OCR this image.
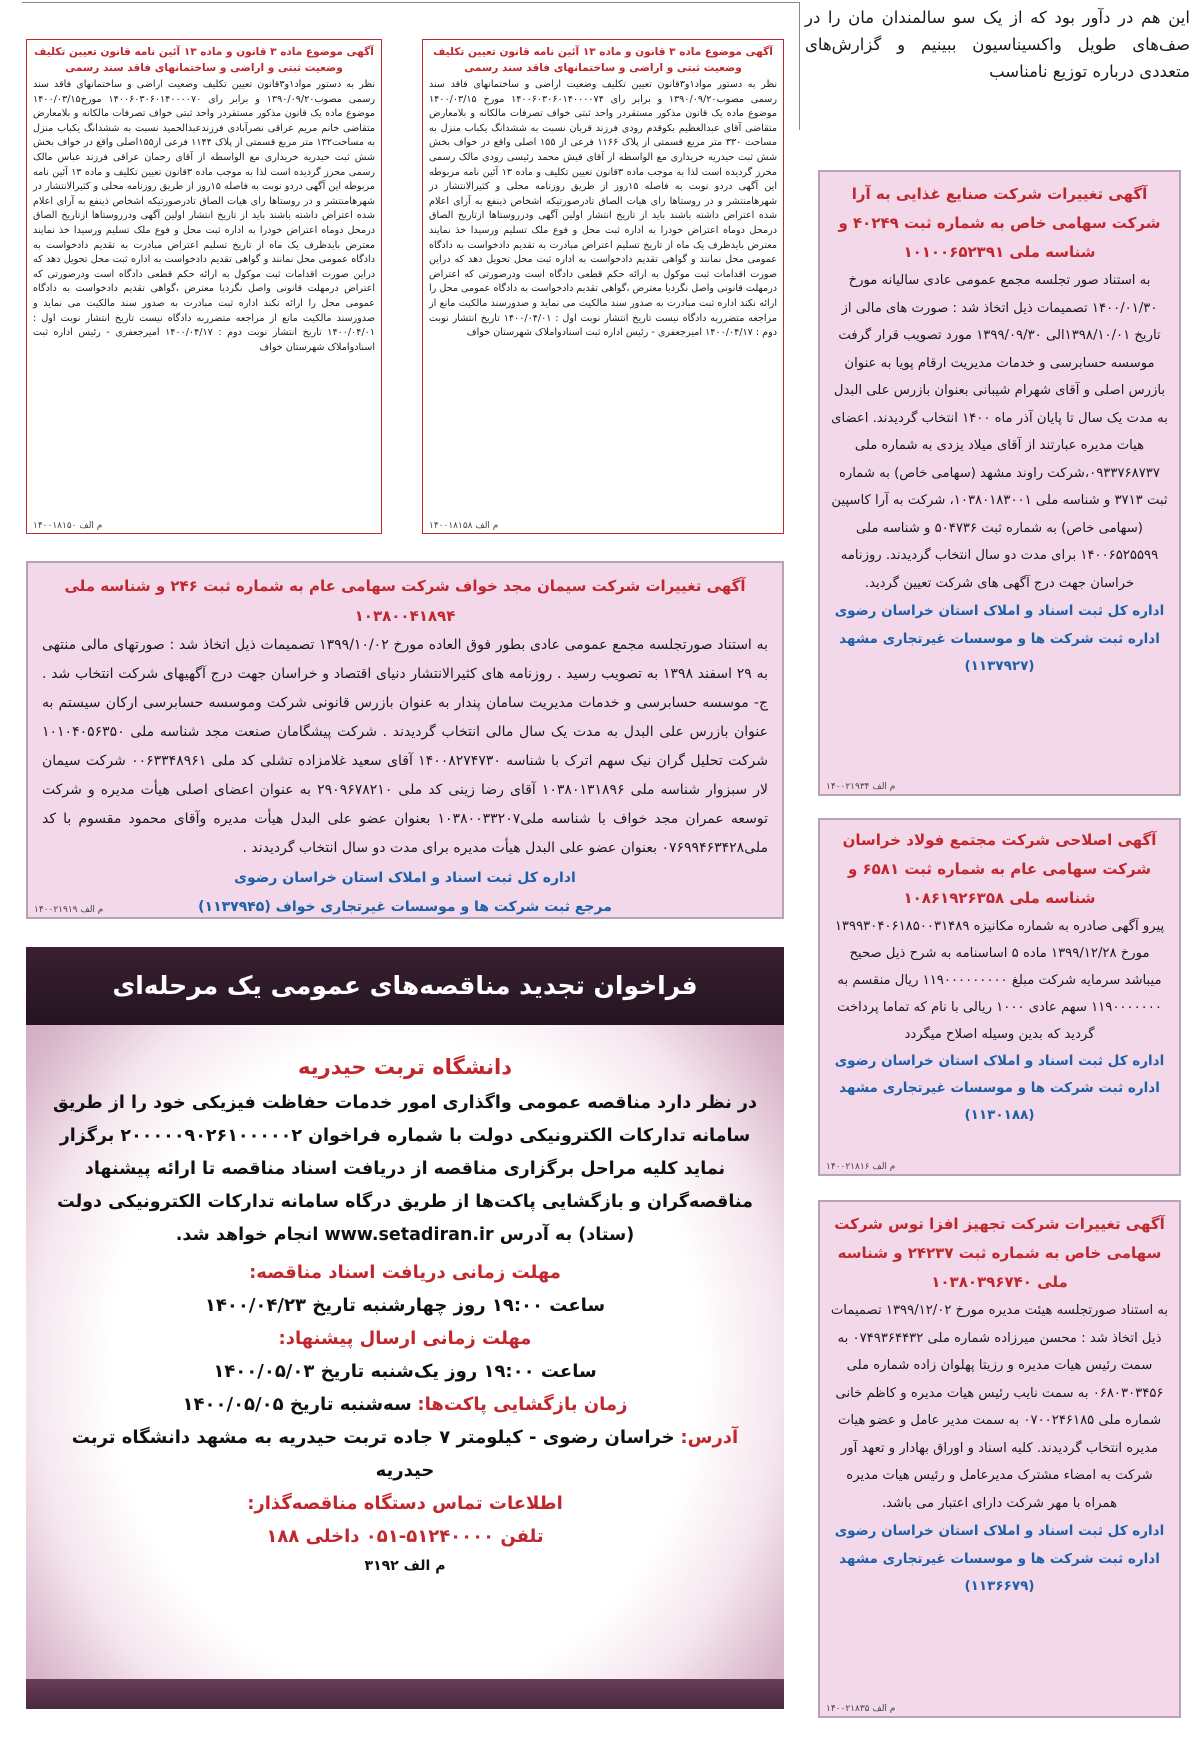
این هم در دآور بود که از یک سو سالمندان مان را در صف‌های طویل واکسیناسیون ببینیم و گزارش‌های متعددی درباره توزیع نامناسب
آگهی موضوع ماده ۳ قانون و ماده ۱۳ آئین نامه قانون تعیین تکلیف وضعیت ثبتی و اراضی و ساختمانهای فاقد سند رسمی
نظر به دستور مواد۱و۳قانون تعیین تکلیف وضعیت اراضی و ساختمانهای فاقد سند رسمی مصوب۱۳۹۰/۰۹/۲۰ و برابر رای ۱۴۰۰۶۰۳۰۶۰۱۴۰۰۰۰۷۴ مورخ ۱۴۰۰/۰۳/۱۵ موضوع ماده یک قانون مذکور مستقردر واحد ثبتی خواف تصرفات مالکانه و بلامعارض متقاضی آقای عبدالعظیم بکوقدم رودی فرزند قربان نسبت به ششدانگ یکباب منزل به مساحت ۳۳۰ متر مربع قسمتی از پلاک ۱۱۶۶ فرعی از ۱۵۵ اصلی واقع در خواف بخش شش ثبت حیدریه خریداری مع الواسطه از آقای قیش محمد رئیسی رودی مالک رسمی محرز گردیده است لذا به موجب ماده ۳قانون تعیین تکلیف و ماده ۱۳ آئین نامه مربوطه این آگهی دردو نوبت به فاصله ۱۵روز از طریق روزنامه محلی و کثیرالانتشار در شهرهامنتشر و در روستاها رای هیات الصاق تادرصورتیکه اشخاص ذینفع به آرای اعلام شده اعتراض داشته باشند باید از تاریخ انتشار اولین آگهی ودرروستاها ازتاریخ الصاق درمحل دوماه اعتراض خودرا به اداره ثبت محل و فوع ملک تسلیم ورسیدا خذ نمایند معترض بایدظرف یک ماه از تاریخ تسلیم اعتراض مبادرت به تقدیم دادخواست به دادگاه عمومی محل نمانند و گواهی تقدیم دادخواست به اداره ثبت محل تحویل دهد که دراین صورت اقدامات ثبت موکول به ارائه حکم قطعی دادگاه است ودرصورتی که اعتراض درمهلت قانونی واصل نگردیا معترض ،گواهی تقدیم دادخواست به دادگاه عمومی محل را ارائه نکند اداره ثبت مبادرت به صدور سند مالکیت می نماید و صدورسند مالکیت مانع از مراجعه متضرربه دادگاه نیست تاریخ انتشار نوبت اول : ۱۴۰۰/۰۴/۰۱ تاریخ انتشار نوبت دوم : ۱۴۰۰/۰۴/۱۷ امیرجعفری - رئیس اداره ثبت اسنادواملاک شهرستان خواف
م الف ۱۴۰۰۱۸۱۵۸
آگهی موضوع ماده ۳ قانون و ماده ۱۳ آئین نامه قانون تعیین تکلیف وضعیت ثبتی و اراضی و ساختمانهای فاقد سند رسمی
نظر به دستور مواد۱و۳قانون تعیین تکلیف وضعیت اراضی و ساختمانهای فاقد سند رسمی مصوب۱۳۹۰/۰۹/۲۰ و برابر رای ۱۴۰۰۶۰۳۰۶۰۱۴۰۰۰۰۷۰ مورخ۱۴۰۰/۰۳/۱۵ موضوع ماده یک قانون مذکور مستقردر واحد ثبتی خواف تصرفات مالکانه و بلامعارض متقاضی خانم مریم عراقی نصرآبادی فرزندعبدالحمید نسبت به ششدانگ یکباب منزل به مساحت۱۳۲ متر مربع قسمتی از پلاک ۱۱۴۴ فرعی از۱۵۵اصلی واقع در خواف بخش شش ثبت حیدریه خریداری مع الواسطه از آقای رحمان عراقی فرزند عباس مالک رسمی محرز گردیده است لذا به موجب ماده ۳قانون تعیین تکلیف و ماده ۱۳ آئین نامه مربوطه این آگهی دردو نوبت به فاصله ۱۵روز از طریق روزنامه محلی و کثیرالانتشار در شهرهامنتشر و در روستاها رای هیات الصاق تادرصورتیکه اشخاص ذینفع به آرای اعلام شده اعتراض داشته باشند باید از تاریخ انتشار اولین آگهی ودرروستاها ازتاریخ الصاق درمحل دوماه اعتراض خودرا به اداره ثبت محل و فوع ملک تسلیم ورسیدا خذ نمایند معترض بایدظرف یک ماه از تاریخ تسلیم اعتراض مبادرت به تقدیم دادخواست به دادگاه عمومی محل نمانند و گواهی تقدیم دادخواست به اداره ثبت محل تحویل دهد که دراین صورت اقدامات ثبت موکول به ارائه حکم قطعی دادگاه است ودرصورتی که اعتراض درمهلت قانونی واصل نگردیا معترض ،گواهی تقدیم دادخواست به دادگاه عمومی محل را ارائه نکند اداره ثبت مبادرت به صدور سند مالکیت می نماید و صدورسند مالکیت مانع از مراجعه متضرربه دادگاه نیست تاریخ انتشار نوبت اول : ۱۴۰۰/۰۴/۰۱ تاریخ انتشار نوبت دوم : ۱۴۰۰/۰۴/۱۷ امیرجعفری - رئیس اداره ثبت اسنادواملاک شهرستان خواف
م الف ۱۴۰۰۱۸۱۵۰
آگهی تغییرات شرکت صنایع غذایی به آرا شرکت سهامی خاص به شماره ثبت ۴۰۲۴۹ و شناسه ملی ۱۰۱۰۰۶۵۲۳۹۱
به استناد صور تجلسه مجمع عمومی عادی سالیانه مورخ ۱۴۰۰/۰۱/۳۰ تصمیمات ذیل اتخاذ شد : صورت های مالی از تاریخ ۱۳۹۸/۱۰/۰۱الی ۱۳۹۹/۰۹/۳۰ مورد تصویب قرار گرفت موسسه حسابرسی و خدمات مدیریت ارقام پویا به عنوان بازرس اصلی و آقای شهرام شیبانی بعنوان بازرس علی البدل به مدت یک سال تا پایان آذر ماه ۱۴۰۰ انتخاب گردیدند. اعضای هیات مدیره عبارتند از آقای میلاد یزدی به شماره ملی ۰۹۳۳۷۶۸۷۳۷،شرکت راوند مشهد (سهامی خاص) به شماره ثبت ۳۷۱۳ و شناسه ملی ۱۰۳۸۰۱۸۳۰۰۱، شرکت به آرا کاسپین (سهامی خاص) به شماره ثبت ۵۰۴۷۳۶ و شناسه ملی ۱۴۰۰۶۵۲۵۵۹۹ برای مدت دو سال انتخاب گردیدند. روزنامه خراسان جهت درج آگهی های شرکت تعیین گردید.
اداره کل ثبت اسناد و املاک استان خراسان رضوی
اداره ثبت شرکت ها و موسسات غیرتجاری مشهد
(۱۱۳۷۹۲۷)
م الف ۱۴۰۰۲۱۹۳۴
آگهی تغییرات شرکت سیمان مجد خواف شرکت سهامی عام به شماره ثبت ۲۴۶ و شناسه ملی ۱۰۳۸۰۰۴۱۸۹۴
به استناد صورتجلسه مجمع عمومی عادی بطور فوق العاده مورخ ۱۳۹۹/۱۰/۰۲ تصمیمات ذیل اتخاذ شد : صورتهای مالی منتهی به ۲۹ اسفند ۱۳۹۸ به تصویب رسید . روزنامه های کثیرالانتشار دنیای اقتصاد و خراسان جهت درج آگهیهای شرکت انتخاب شد . ج- موسسه حسابرسی و خدمات مدیریت سامان پندار به عنوان بازرس قانونی شرکت وموسسه حسابرسی ارکان سیستم به عنوان بازرس علی البدل به مدت یک سال مالی انتخاب گردیدند . شرکت پیشگامان صنعت مجد شناسه ملی ۱۰۱۰۴۰۵۶۳۵۰ شرکت تحلیل گران نیک سهم اترک با شناسه ۱۴۰۰۸۲۷۴۷۳۰ آقای سعید غلامزاده تشلی کد ملی ۰۰۶۳۳۴۸۹۶۱ شرکت سیمان لار سبزوار شناسه ملی ۱۰۳۸۰۱۳۱۸۹۶ آقای رضا زینی کد ملی ۲۹۰۹۶۷۸۲۱۰ به عنوان اعضای اصلی هیأت مدیره و شرکت توسعه عمران مجد خواف با شناسه ملی۱۰۳۸۰۰۳۳۲۰۷ بعنوان عضو علی البدل هیأت مدیره وآقای محمود مقسوم با کد ملی۰۷۶۹۹۴۶۳۴۲۸ بعنوان عضو علی البدل هیأت مدیره برای مدت دو سال انتخاب گردیدند .
اداره کل ثبت اسناد و املاک استان خراسان رضوی
مرجع ثبت شرکت ها و موسسات غیرتجاری خواف (۱۱۳۷۹۴۵)
م الف ۱۴۰۰۲۱۹۱۹
آگهی اصلاحی شرکت مجتمع فولاد خراسان شرکت سهامی عام به شماره ثبت ۶۵۸۱ و شناسه ملی ۱۰۸۶۱۹۲۶۳۵۸
پیرو آگهی صادره به شماره مکانیزه ۱۳۹۹۳۰۴۰۶۱۸۵۰۰۳۱۴۸۹ مورخ ۱۳۹۹/۱۲/۲۸ ماده ۵ اساسنامه به شرح ذیل صحیح میباشد سرمایه شرکت مبلغ ۱۱۹۰۰۰۰۰۰۰۰۰ ریال منقسم به ۱۱۹۰۰۰۰۰۰۰ سهم عادی ۱۰۰۰ ریالی با نام که تماما پرداخت گردید که بدین وسیله اصلاح میگردد
اداره کل ثبت اسناد و املاک استان خراسان رضوی
اداره ثبت شرکت ها و موسسات غیرتجاری مشهد
(۱۱۳۰۱۸۸)
م الف ۱۴۰۰۲۱۸۱۶
آگهی تغییرات شرکت تجهیز افزا توس شرکت سهامی خاص به شماره ثبت ۲۴۲۳۷ و شناسه ملی ۱۰۳۸۰۳۹۶۷۴۰
به استناد صورتجلسه هیئت مدیره مورخ ۱۳۹۹/۱۲/۰۲ تصمیمات ذیل اتخاذ شد : محسن میرزاده شماره ملی ۰۷۴۹۳۶۴۴۳۲ به سمت رئیس هیات مدیره و رزیتا پهلوان زاده شماره ملی ۰۶۸۰۳۰۳۴۵۶ به سمت نایب رئیس هیات مدیره و کاظم خانی شماره ملی ۰۷۰۰۲۴۶۱۸۵ به سمت مدیر عامل و عضو هیات مدیره انتخاب گردیدند. کلیه اسناد و اوراق بهادار و تعهد آور شرکت به امضاء مشترک مدیرعامل و رئیس هیات مدیره همراه با مهر شرکت دارای اعتبار می باشد.
اداره کل ثبت اسناد و املاک استان خراسان رضوی
اداره ثبت شرکت ها و موسسات غیرتجاری مشهد
(۱۱۳۶۶۷۹)
م الف ۱۴۰۰۲۱۸۳۵
فراخوان تجدید مناقصه‌های عمومی یک مرحله‌ای
دانشگاه تربت حیدریه
در نظر دارد مناقصه عمومی واگذاری امور خدمات حفاظت فیزیکی خود را از طریق سامانه تدارکات الکترونیکی دولت با شماره فراخوان ۲۰۰۰۰۰۹۰۲۶۱۰۰۰۰۰۲ برگزار نماید کلیه مراحل برگزاری مناقصه از دریافت اسناد مناقصه تا ارائه پیشنهاد مناقصه‌گران و بازگشایی پاکت‌ها از طریق درگاه سامانه تدارکات الکترونیکی دولت (ستاد) به آدرس www.setadiran.ir انجام خواهد شد.
مهلت زمانی دریافت اسناد مناقصه:
ساعت ۱۹:۰۰ روز چهارشنبه تاریخ ۱۴۰۰/۰۴/۲۳
مهلت زمانی ارسال پیشنهاد:
ساعت ۱۹:۰۰ روز یک‌شنبه تاریخ ۱۴۰۰/۰۵/۰۳
زمان بازگشایی پاکت‌ها: سه‌شنبه تاریخ ۱۴۰۰/۰۵/۰۵
آدرس: خراسان رضوی - کیلومتر ۷ جاده تربت حیدریه به مشهد دانشگاه تربت حیدریه
اطلاعات تماس دستگاه مناقصه‌گذار:
تلفن ۵۱۲۴۰۰۰۰-۰۵۱ داخلی ۱۸۸
م الف ۳۱۹۲
